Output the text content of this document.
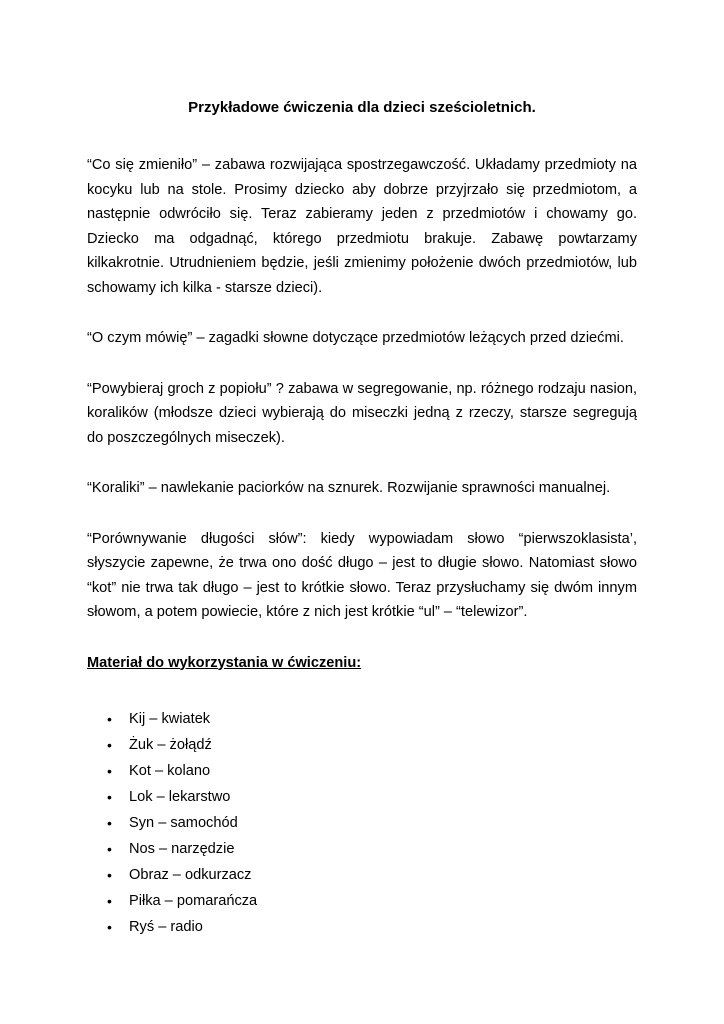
Przykładowe ćwiczenia dla dzieci sześcioletnich.

“Co się zmieniło” – zabawa rozwijająca spostrzegawczość. Układamy przedmioty na kocyku lub na stole. Prosimy dziecko aby dobrze przyjrzało się przedmiotom, a następnie odwróciło się. Teraz zabieramy jeden z przedmiotów i chowamy go. Dziecko ma odgadnąć, którego przedmiotu brakuje. Zabawę powtarzamy kilkakrotnie. Utrudnieniem będzie, jeśli zmienimy położenie dwóch przedmiotów, lub schowamy ich kilka - starsze dzieci).

“O czym mówię” – zagadki słowne dotyczące przedmiotów leżących przed dziećmi.

“Powybieraj groch z popiołu” ? zabawa w segregowanie, np. różnego rodzaju nasion, koralików (młodsze dzieci wybierają do miseczki jedną z rzeczy, starsze segregują do poszczególnych miseczek).

“Koraliki” – nawlekanie paciorków na sznurek. Rozwijanie sprawności manualnej.

“Porównywanie długości słów”: kiedy wypowiadam słowo “pierwszoklasista’, słyszycie zapewne, że trwa ono dość długo – jest to długie słowo. Natomiast słowo “kot” nie trwa tak długo – jest to krótkie słowo. Teraz przysłuchamy się dwóm innym słowom, a potem powiecie, które z nich jest krótkie “ul” – “telewizor”.

Materiał do wykorzystania w ćwiczeniu:
• Kij – kwiatek
• Żuk – żołądź
• Kot – kolano
• Lok – lekarstwo
• Syn – samochód
• Nos – narzędzie
• Obraz – odkurzacz
• Piłka – pomarańcza
• Ryś – radio
